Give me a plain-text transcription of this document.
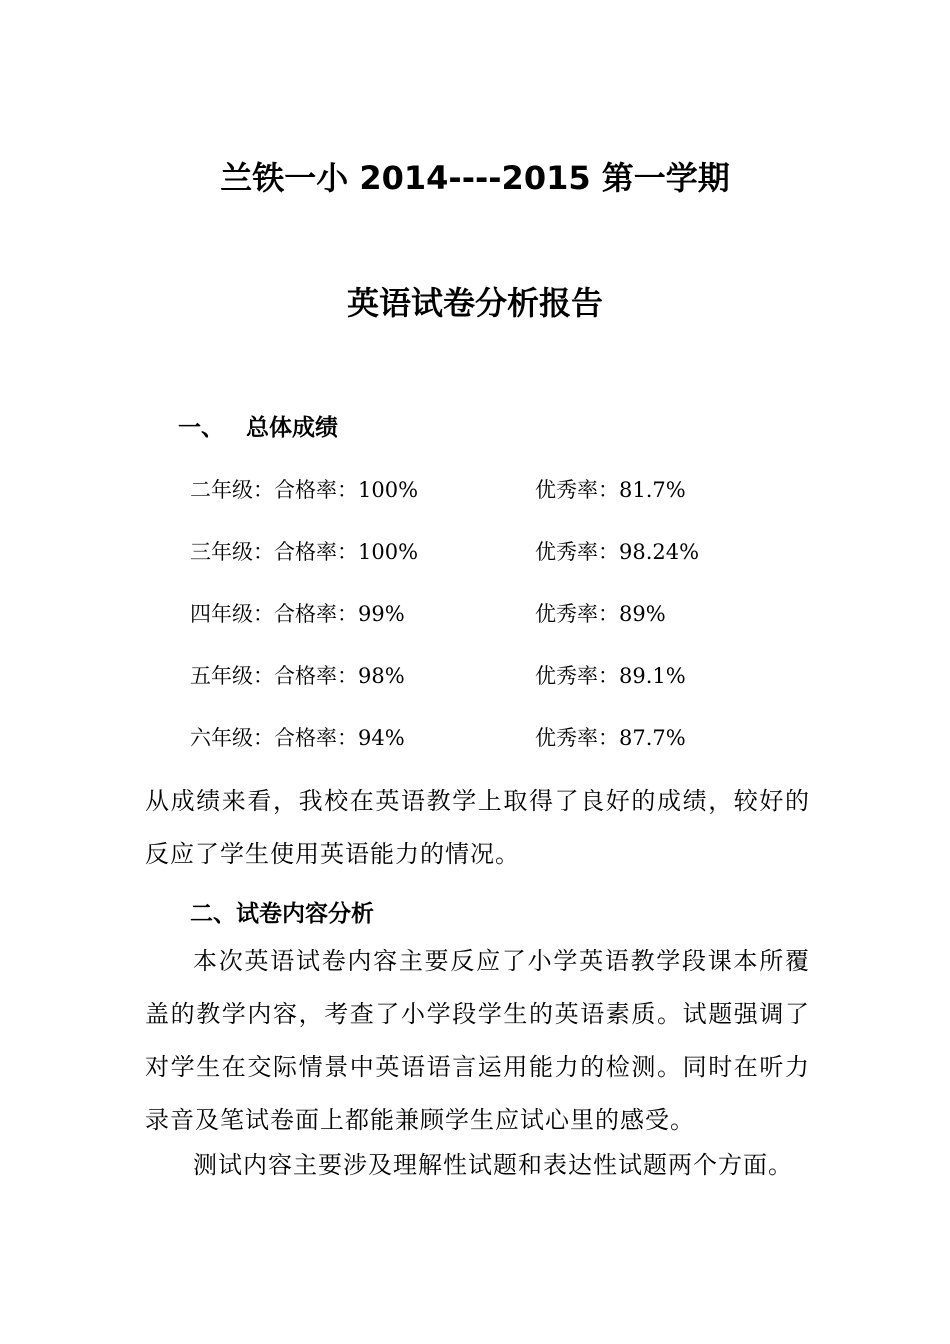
兰铁一小 2014----2015 第一学期
英语试卷分析报告
一、 总体成绩
二年级：合格率：100%	优秀率：81.7%
三年级：合格率：100%	优秀率：98.24%
四年级：合格率：99%	优秀率：89%
五年级：合格率：98%	优秀率：89.1%
六年级：合格率：94%	优秀率：87.7%

从成绩来看，我校在英语教学上取得了良好的成绩，较好的反应了学生使用英语能力的情况。

二、试卷内容分析

本次英语试卷内容主要反应了小学英语教学段课本所覆盖的教学内容，考查了小学段学生的英语素质。试题强调了对学生在交际情景中英语语言运用能力的检测。同时在听力录音及笔试卷面上都能兼顾学生应试心里的感受。

测试内容主要涉及理解性试题和表达性试题两个方面。
